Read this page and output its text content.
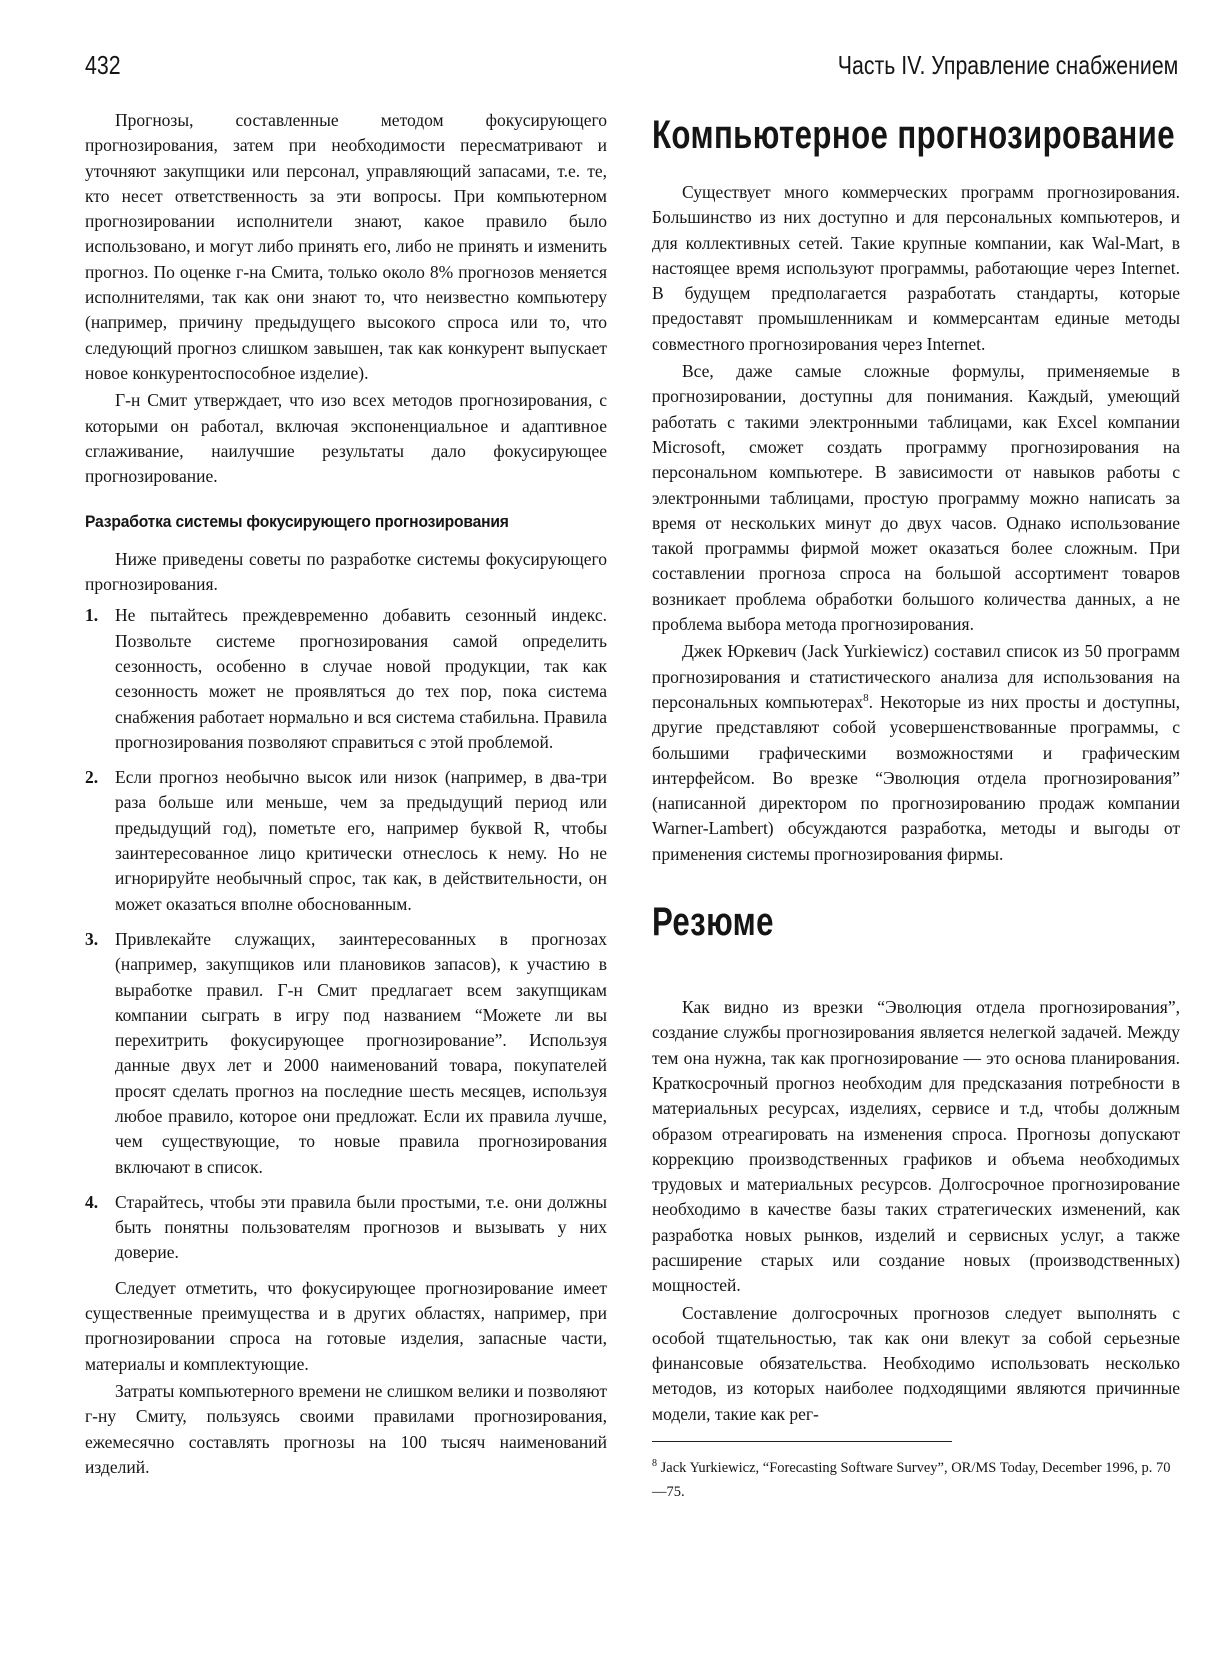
432	Часть IV. Управление снабжением

Прогнозы, составленные методом фокусирующего прогнозирования, затем при необходимости пересматривают и уточняют закупщики или персонал, управляющий запасами, т.е. те, кто несет ответственность за эти вопросы. При компьютерном прогнозировании исполнители знают, какое правило было использовано, и могут либо принять его, либо не принять и изменить прогноз. По оценке г-на Смита, только около 8% прогнозов меняется исполнителями, так как они знают то, что неизвестно компьютеру (например, причину предыдущего высокого спроса или то, что следующий прогноз слишком завышен, так как конкурент выпускает новое конкурентоспособное изделие).

Г-н Смит утверждает, что изо всех методов прогнозирования, с которыми он работал, включая экспоненциальное и адаптивное сглаживание, наилучшие результаты дало фокусирующее прогнозирование.

Разработка системы фокусирующего прогнозирования

Ниже приведены советы по разработке системы фокусирующего прогнозирования.

1. Не пытайтесь преждевременно добавить сезонный индекс. Позвольте системе прогнозирования самой определить сезонность, особенно в случае новой продукции, так как сезонность может не проявляться до тех пор, пока система снабжения работает нормально и вся система стабильна. Правила прогнозирования позволяют справиться с этой проблемой.
2. Если прогноз необычно высок или низок (например, в два-три раза больше или меньше, чем за предыдущий период или предыдущий год), пометьте его, например буквой R, чтобы заинтересованное лицо критически отнеслось к нему. Но не игнорируйте необычный спрос, так как, в действительности, он может оказаться вполне обоснованным.
3. Привлекайте служащих, заинтересованных в прогнозах (например, закупщиков или плановиков запасов), к участию в выработке правил. Г-н Смит предлагает всем закупщикам компании сыграть в игру под названием “Можете ли вы перехитрить фокусирующее прогнозирование”. Используя данные двух лет и 2000 наименований товара, покупателей просят сделать прогноз на последние шесть месяцев, используя любое правило, которое они предложат. Если их правила лучше, чем существующие, то новые правила прогнозирования включают в список.
4. Старайтесь, чтобы эти правила были простыми, т.е. они должны быть понятны пользователям прогнозов и вызывать у них доверие.

Следует отметить, что фокусирующее прогнозирование имеет существенные преимущества и в других областях, например, при прогнозировании спроса на готовые изделия, запасные части, материалы и комплектующие.

Затраты компьютерного времени не слишком велики и позволяют г-ну Смиту, пользуясь своими правилами прогнозирования, ежемесячно составлять прогнозы на 100 тысяч наименований изделий.

Компьютерное прогнозирование

Существует много коммерческих программ прогнозирования. Большинство из них доступно и для персональных компьютеров, и для коллективных сетей. Такие крупные компании, как Wal-Mart, в настоящее время используют программы, работающие через Internet. В будущем предполагается разработать стандарты, которые предоставят промышленникам и коммерсантам единые методы совместного прогнозирования через Internet.

Все, даже самые сложные формулы, применяемые в прогнозировании, доступны для понимания. Каждый, умеющий работать с такими электронными таблицами, как Excel компании Microsoft, сможет создать программу прогнозирования на персональном компьютере. В зависимости от навыков работы с электронными таблицами, простую программу можно написать за время от нескольких минут до двух часов. Однако использование такой программы фирмой может оказаться более сложным. При составлении прогноза спроса на большой ассортимент товаров возникает проблема обработки большого количества данных, а не проблема выбора метода прогнозирования.

Джек Юркевич (Jack Yurkiewicz) составил список из 50 программ прогнозирования и статистического анализа для использования на персональных компьютерах$^8$. Некоторые из них просты и доступны, другие представляют собой усовершенствованные программы, с большими графическими возможностями и графическим интерфейсом. Во врезке “Эволюция отдела прогнозирования” (написанной директором по прогнозированию продаж компании Warner-Lambert) обсуждаются разработка, методы и выгоды от применения системы прогнозирования фирмы.

Резюме

Как видно из врезки “Эволюция отдела прогнозирования”, создание службы прогнозирования является нелегкой задачей. Между тем она нужна, так как прогнозирование — это основа планирования. Краткосрочный прогноз необходим для предсказания потребности в материальных ресурсах, изделиях, сервисе и т.д, чтобы должным образом отреагировать на изменения спроса. Прогнозы допускают коррекцию производственных графиков и объема необходимых трудовых и материальных ресурсов. Долгосрочное прогнозирование необходимо в качестве базы таких стратегических изменений, как разработка новых рынков, изделий и сервисных услуг, а также расширение старых или создание новых (производственных) мощностей.

Составление долгосрочных прогнозов следует выполнять с особой тщательностью, так как они влекут за собой серьезные финансовые обязательства. Необходимо использовать несколько методов, из которых наиболее подходящими являются причинные модели, такие как рег-

$^8$ Jack Yurkiewicz, “Forecasting Software Survey”, OR/MS Today, December 1996, p. 70—75.
